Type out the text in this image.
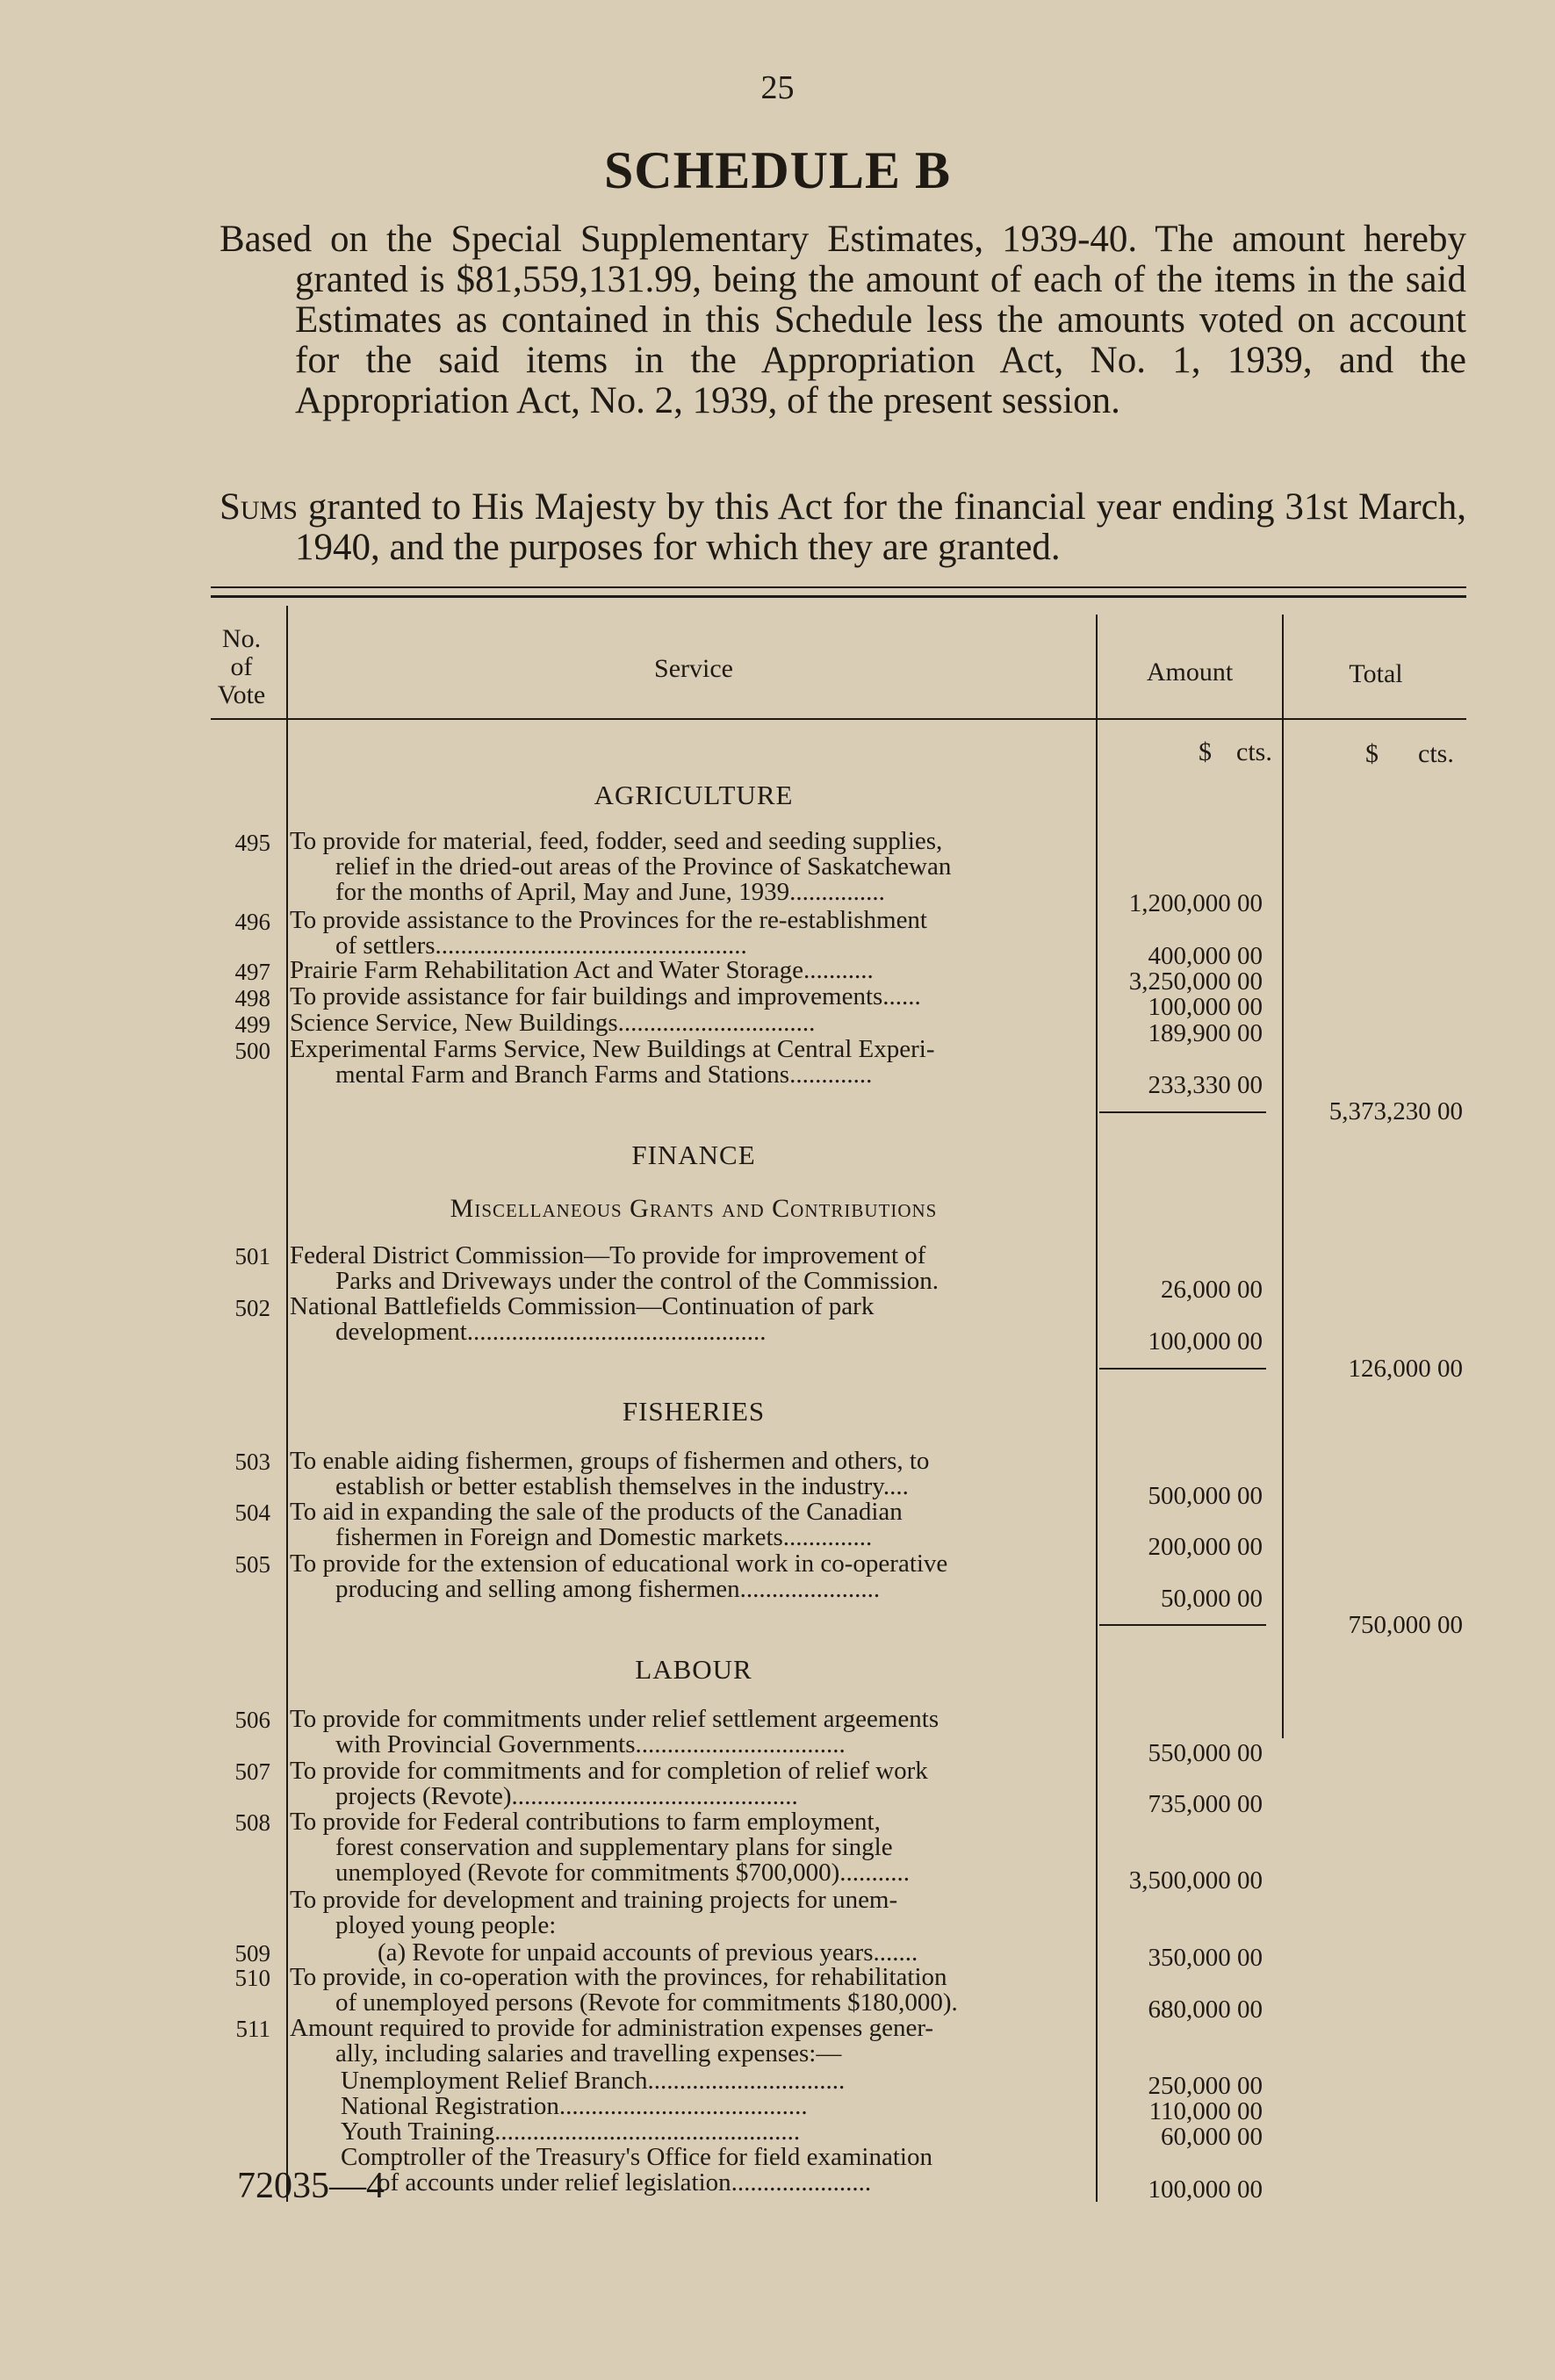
25
SCHEDULE B
Based on the Special Supplementary Estimates, 1939-40. The amount hereby granted is $81,559,131.99, being the amount of each of the items in the said Estimates as contained in this Schedule less the amounts voted on account for the said items in the Appropriation Act, No. 1, 1939, and the Appropriation Act, No. 2, 1939, of the present session.
Sums granted to His Majesty by this Act for the financial year ending 31st March, 1940, and the purposes for which they are granted.
No.
of
Vote
Service	Amount	Total
$ cts.	$ cts.
AGRICULTURE
495 To provide for material, feed, fodder, seed and seeding supplies,
relief in the dried-out areas of the Province of Saskatchewan
for the months of April, May and June, 1939...............	1,200,000 00
496 To provide assistance to the Provinces for the re-establishment
of settlers.................................................	400,000 00
497 Prairie Farm Rehabilitation Act and Water Storage...........	3,250,000 00
498 To provide assistance for fair buildings and improvements......	100,000 00
499 Science Service, New Buildings...............................	189,900 00
500 Experimental Farms Service, New Buildings at Central Experi-
mental Farm and Branch Farms and Stations.............	233,330 00
5,373,230 00
FINANCE
Miscellaneous Grants and Contributions
501 Federal District Commission—To provide for improvement of
Parks and Driveways under the control of the Commission.	26,000 00
502 National Battlefields Commission—Continuation of park
development...............................................	100,000 00
126,000 00
FISHERIES
503 To enable aiding fishermen, groups of fishermen and others, to
establish or better establish themselves in the industry....	500,000 00
504 To aid in expanding the sale of the products of the Canadian
fishermen in Foreign and Domestic markets..............	200,000 00
505 To provide for the extension of educational work in co-operative
producing and selling among fishermen......................	50,000 00
750,000 00
LABOUR
506 To provide for commitments under relief settlement argeements
with Provincial Governments.................................	550,000 00
507 To provide for commitments and for completion of relief work
projects (Revote).............................................	735,000 00
508 To provide for Federal contributions to farm employment,
forest conservation and supplementary plans for single
unemployed (Revote for commitments $700,000)...........	3,500,000 00
To provide for development and training projects for unem-
ployed young people:
509	(a) Revote for unpaid accounts of previous years.......	350,000 00
510 To provide, in co-operation with the provinces, for rehabilitation
of unemployed persons (Revote for commitments $180,000).	680,000 00
511 Amount required to provide for administration expenses gener-
ally, including salaries and travelling expenses:—
Unemployment Relief Branch...............................	250,000 00
National Registration.......................................	110,000 00
Youth Training................................................	60,000 00
Comptroller of the Treasury's Office for field examination
of accounts under relief legislation......................	100,000 00
72035—4
